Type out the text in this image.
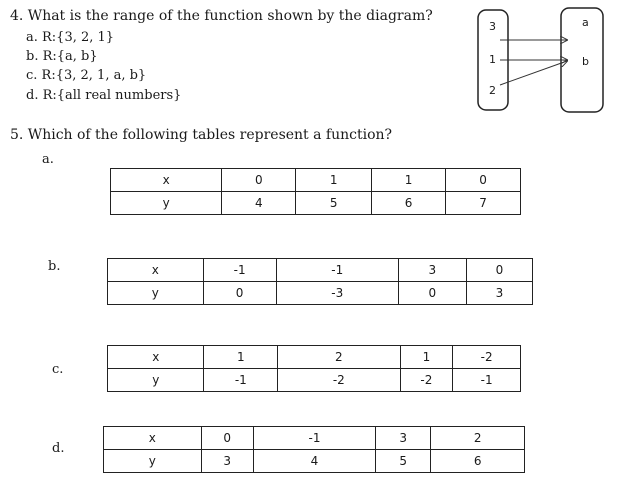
4. What is the range of the function shown by the diagram?
a. R:{3, 2, 1}
b. R:{a, b}
c. R:{3, 2, 1, a, b}
d. R:{all real numbers}
3
1
2
a
b
5. Which of the following tables represent a function?
a.
x	0	1	1	0
y	4	5	6	7
b.	x	-1	-1	3	0
y	0	-3	0	3
c.
x	1	2	1	-2
y	-1	-2	-2	-1
d.
x	0	-1	3	2
y	3	4	5	6
